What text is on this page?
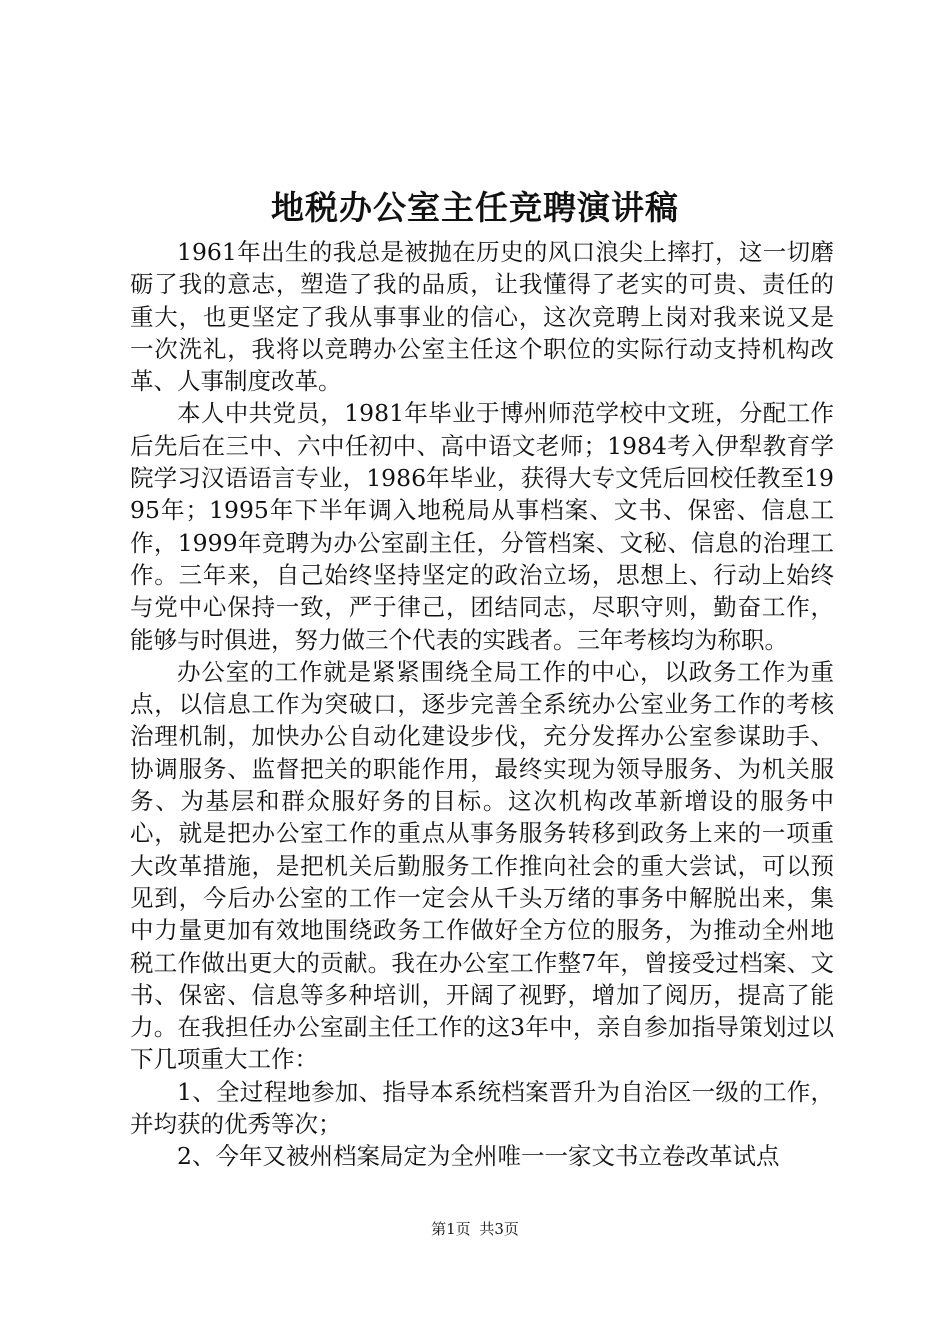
地税办公室主任竞聘演讲稿

1961年出生的我总是被抛在历史的风口浪尖上摔打，这一切磨砺了我的意志，塑造了我的品质，让我懂得了老实的可贵、责任的重大，也更坚定了我从事事业的信心，这次竞聘上岗对我来说又是一次洗礼，我将以竞聘办公室主任这个职位的实际行动支持机构改革、人事制度改革。

本人中共党员，1981年毕业于博州师范学校中文班，分配工作后先后在三中、六中任初中、高中语文老师；1984考入伊犁教育学院学习汉语语言专业，1986年毕业，获得大专文凭后回校任教至1995年；1995年下半年调入地税局从事档案、文书、保密、信息工作，1999年竞聘为办公室副主任，分管档案、文秘、信息的治理工作。三年来，自己始终坚持坚定的政治立场，思想上、行动上始终与党中心保持一致，严于律己，团结同志，尽职守则，勤奋工作，能够与时俱进，努力做三个代表的实践者。三年考核均为称职。

办公室的工作就是紧紧围绕全局工作的中心，以政务工作为重点，以信息工作为突破口，逐步完善全系统办公室业务工作的考核治理机制，加快办公自动化建设步伐，充分发挥办公室参谋助手、协调服务、监督把关的职能作用，最终实现为领导服务、为机关服务、为基层和群众服好务的目标。这次机构改革新增设的服务中心，就是把办公室工作的重点从事务服务转移到政务上来的一项重大改革措施，是把机关后勤服务工作推向社会的重大尝试，可以预见到，今后办公室的工作一定会从千头万绪的事务中解脱出来，集中力量更加有效地围绕政务工作做好全方位的服务，为推动全州地税工作做出更大的贡献。我在办公室工作整7年，曾接受过档案、文书、保密、信息等多种培训，开阔了视野，增加了阅历，提高了能力。在我担任办公室副主任工作的这3年中，亲自参加指导策划过以下几项重大工作：

1、全过程地参加、指导本系统档案晋升为自治区一级的工作，并均获的优秀等次；

2、今年又被州档案局定为全州唯一一家文书立卷改革试点

第1页 共3页
